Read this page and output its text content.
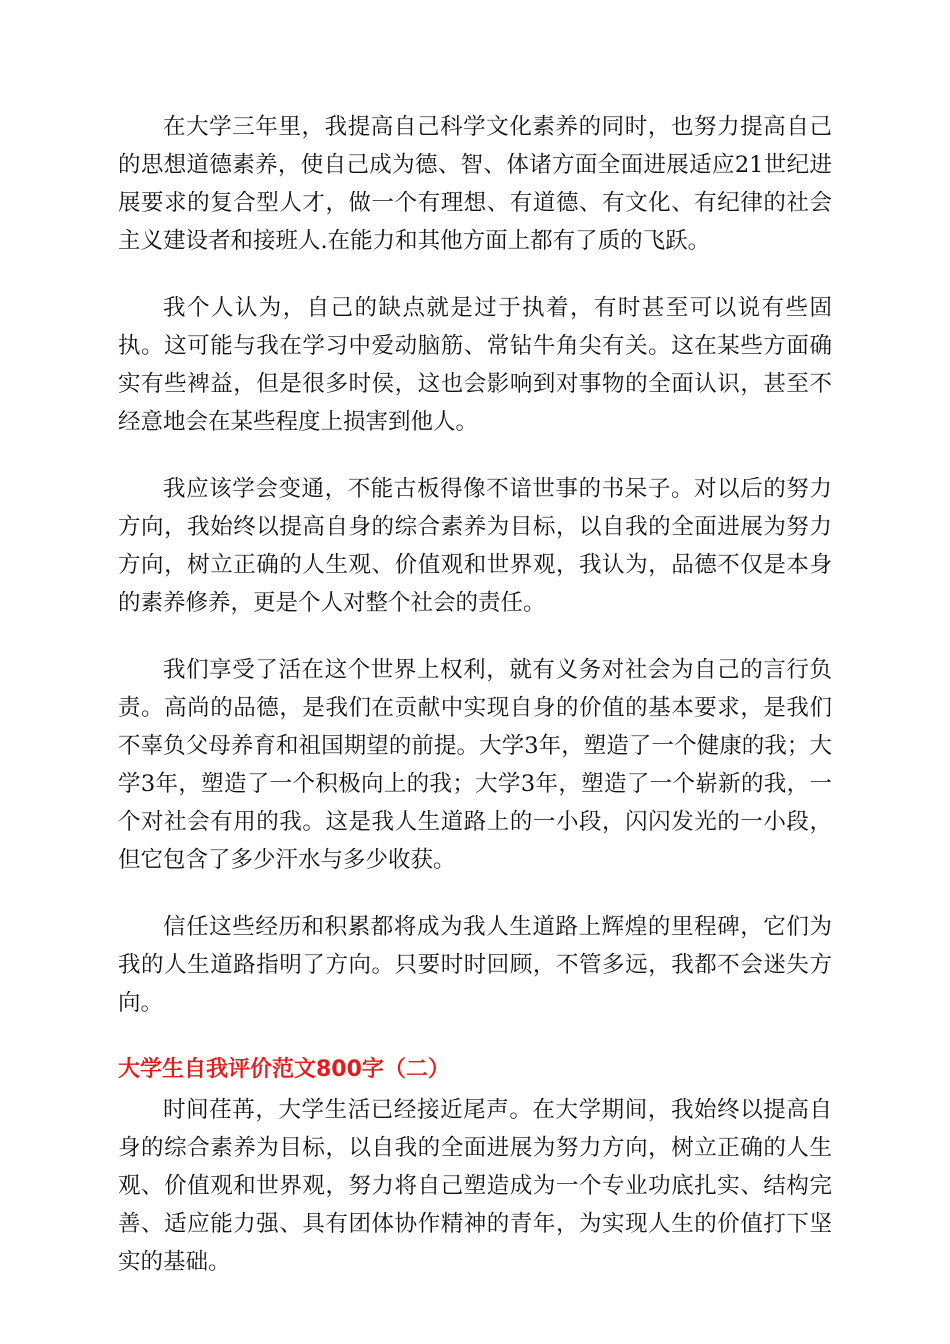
在大学三年里，我提高自己科学文化素养的同时，也努力提高自己的思想道德素养，使自己成为德、智、体诸方面全面进展适应21世纪进展要求的复合型人才，做一个有理想、有道德、有文化、有纪律的社会主义建设者和接班人.在能力和其他方面上都有了质的飞跃。

我个人认为，自己的缺点就是过于执着，有时甚至可以说有些固执。这可能与我在学习中爱动脑筋、常钻牛角尖有关。这在某些方面确实有些裨益，但是很多时侯，这也会影响到对事物的全面认识，甚至不经意地会在某些程度上损害到他人。

我应该学会变通，不能古板得像不谙世事的书呆子。对以后的努力方向，我始终以提高自身的综合素养为目标，以自我的全面进展为努力方向，树立正确的人生观、价值观和世界观，我认为，品德不仅是本身的素养修养，更是个人对整个社会的责任。

我们享受了活在这个世界上权利，就有义务对社会为自己的言行负责。高尚的品德，是我们在贡献中实现自身的价值的基本要求，是我们不辜负父母养育和祖国期望的前提。大学3年，塑造了一个健康的我；大学3年，塑造了一个积极向上的我；大学3年，塑造了一个崭新的我，一个对社会有用的我。这是我人生道路上的一小段，闪闪发光的一小段，但它包含了多少汗水与多少收获。

信任这些经历和积累都将成为我人生道路上辉煌的里程碑，它们为我的人生道路指明了方向。只要时时回顾，不管多远，我都不会迷失方向。

大学生自我评价范文800字（二）

时间荏苒，大学生活已经接近尾声。在大学期间，我始终以提高自身的综合素养为目标，以自我的全面进展为努力方向，树立正确的人生观、价值观和世界观，努力将自己塑造成为一个专业功底扎实、结构完善、适应能力强、具有团体协作精神的青年，为实现人生的价值打下坚实的基础。
